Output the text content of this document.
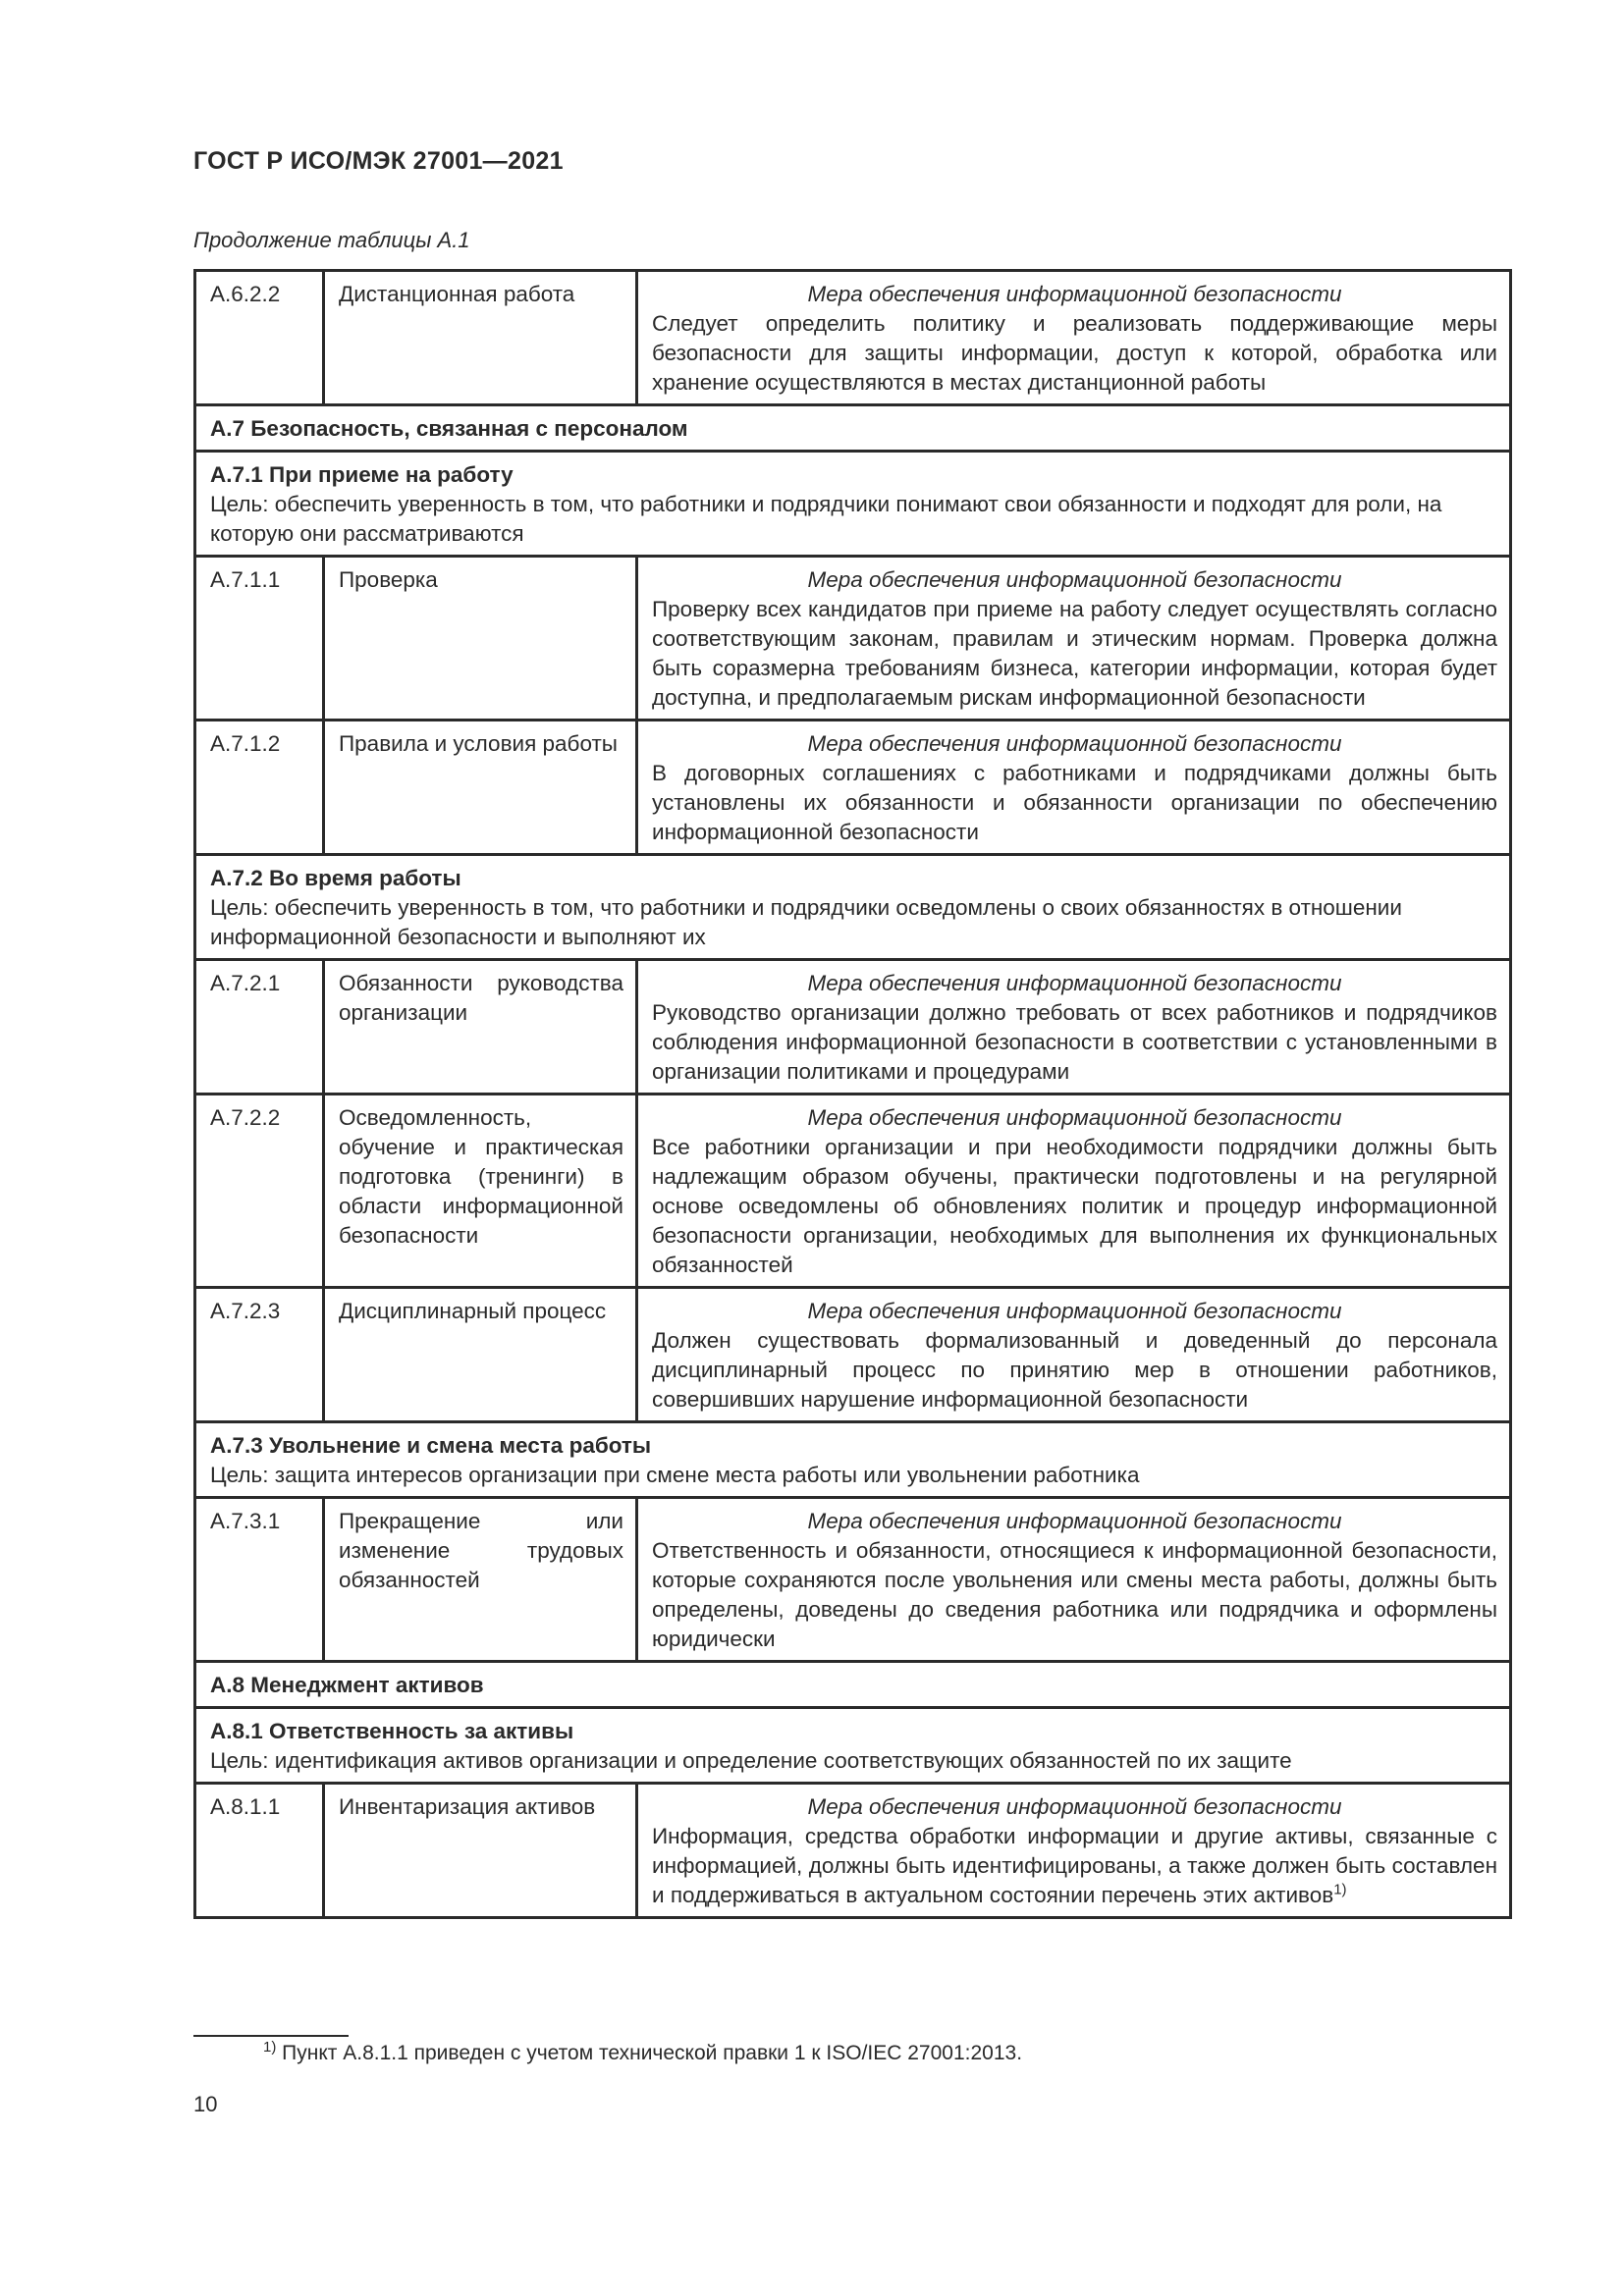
ГОСТ Р ИСО/МЭК 27001—2021
Продолжение таблицы А.1
А.6.2.2	Дистанционная работа	Мера обеспечения информационной безопасности
Следует определить политику и реализовать поддерживающие меры безопасности для защиты информации, доступ к которой, обработка или хранение осуществляются в местах дистанционной работы

А.7 Безопасность, связанная с персоналом		

А.7.1 При приеме на работу
Цель: обеспечить уверенность в том, что работники и подрядчики понимают свои обязанности и подходят для роли, на которую они рассматриваются		

А.7.1.1	Проверка	Мера обеспечения информационной безопасности
Проверку всех кандидатов при приеме на работу следует осуществлять согласно соответствующим законам, правилам и этическим нормам. Проверка должна быть соразмерна требованиям бизнеса, категории информации, которая будет доступна, и предполагаемым рискам информационной безопасности

А.7.1.2	Правила и условия работы	Мера обеспечения информационной безопасности
В договорных соглашениях с работниками и подрядчиками должны быть установлены их обязанности и обязанности организации по обеспечению информационной безопасности

А.7.2 Во время работы
Цель: обеспечить уверенность в том, что работники и подрядчики осведомлены о своих обязанностях в отношении информационной безопасности и выполняют их		

А.7.2.1	Обязанности руководства организации	Мера обеспечения информационной безопасности
Руководство организации должно требовать от всех работников и подрядчиков соблюдения информационной безопасности в соответствии с установленными в организации политиками и процедурами

А.7.2.2	Осведомленность, обучение и практическая подготовка (тренинги) в области информационной безопасности	Мера обеспечения информационной безопасности
Все работники организации и при необходимости подрядчики должны быть надлежащим образом обучены, практически подготовлены и на регулярной основе осведомлены об обновлениях политик и процедур информационной безопасности организации, необходимых для выполнения их функциональных обязанностей

А.7.2.3	Дисциплинарный процесс	Мера обеспечения информационной безопасности
Должен существовать формализованный и доведенный до персонала дисциплинарный процесс по принятию мер в отношении работников, совершивших нарушение информационной безопасности

А.7.3 Увольнение и смена места работы
Цель: защита интересов организации при смене места работы или увольнении работника		

А.7.3.1	Прекращение или изменение трудовых обязанностей	Мера обеспечения информационной безопасности
Ответственность и обязанности, относящиеся к информационной безопасности, которые сохраняются после увольнения или смены места работы, должны быть определены, доведены до сведения работника или подрядчика и оформлены юридически

А.8 Менеджмент активов		

А.8.1 Ответственность за активы
Цель: идентификация активов организации и определение соответствующих обязанностей по их защите		

А.8.1.1	Инвентаризация активов	Мера обеспечения информационной безопасности
Информация, средства обработки информации и другие активы, связанные с информацией, должны быть идентифицированы, а также должен быть составлен и поддерживаться в актуальном состоянии перечень этих активов$^{1)}$
$^{1)}$ Пункт А.8.1.1 приведен с учетом технической правки 1 к ISO/IEC 27001:2013.
10
